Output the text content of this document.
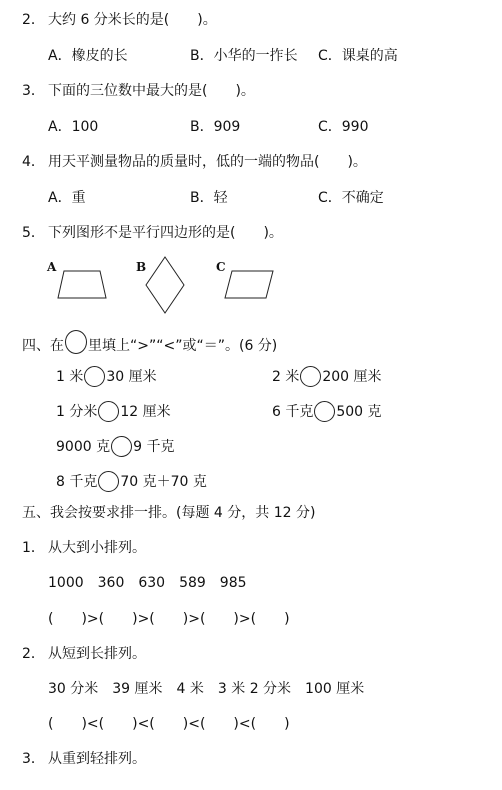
2． 大约 6 分米长的是(　　)。
A．橡皮的长	B．小华的一拃长 C．课桌的高
3． 下面的三位数中最大的是(　　)。
A．100	B．909	C．990
4． 用天平测量物品的质量时，低的一端的物品(　　)。
A．重	B．轻	C．不确定
5． 下列图形不是平行四边形的是(　　)。
A	B	C
四、在 里填上“>”“<”或“＝”。(6 分)
1 米 30 厘米	2 米 200 厘米
1 分米 12 厘米	6 千克 500 克
9000 克 9 千克
8 千克 70 克＋70 克
五、我会按要求排一排。(每题 4 分，共 12 分)
1． 从大到小排列。
1000　360　630　589　985
(　　)>(　　)>(　　)>(　　)>(　　)
2． 从短到长排列。
30 分米　39 厘米　4 米　3 米 2 分米　100 厘米
(　　)<(　　)<(　　)<(　　)<(　　)
3． 从重到轻排列。
